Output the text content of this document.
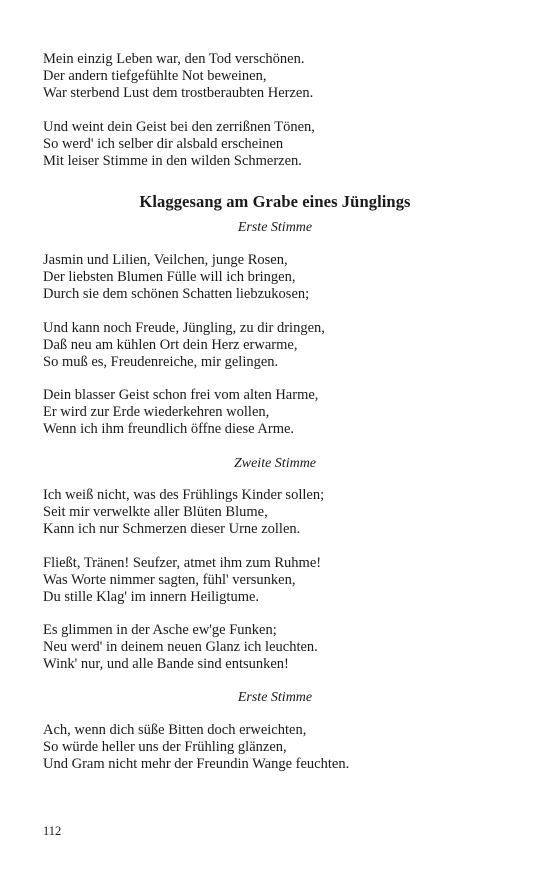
Mein einzig Leben war, den Tod verschönen.
Der andern tiefgefühlte Not beweinen,
War sterbend Lust dem trostberaubten Herzen.
Und weint dein Geist bei den zerrißnen Tönen,
So werd' ich selber dir alsbald erscheinen
Mit leiser Stimme in den wilden Schmerzen.
Klaggesang am Grabe eines Jünglings
Erste Stimme
Jasmin und Lilien, Veilchen, junge Rosen,
Der liebsten Blumen Fülle will ich bringen,
Durch sie dem schönen Schatten liebzukosen;
Und kann noch Freude, Jüngling, zu dir dringen,
Daß neu am kühlen Ort dein Herz erwarme,
So muß es, Freudenreiche, mir gelingen.
Dein blasser Geist schon frei vom alten Harme,
Er wird zur Erde wiederkehren wollen,
Wenn ich ihm freundlich öffne diese Arme.
Zweite Stimme
Ich weiß nicht, was des Frühlings Kinder sollen;
Seit mir verwelkte aller Blüten Blume,
Kann ich nur Schmerzen dieser Urne zollen.
Fließt, Tränen! Seufzer, atmet ihm zum Ruhme!
Was Worte nimmer sagten, fühl' versunken,
Du stille Klag' im innern Heiligtume.
Es glimmen in der Asche ew'ge Funken;
Neu werd' in deinem neuen Glanz ich leuchten.
Wink' nur, und alle Bande sind entsunken!
Erste Stimme
Ach, wenn dich süße Bitten doch erweichten,
So würde heller uns der Frühling glänzen,
Und Gram nicht mehr der Freundin Wange feuchten.
112
